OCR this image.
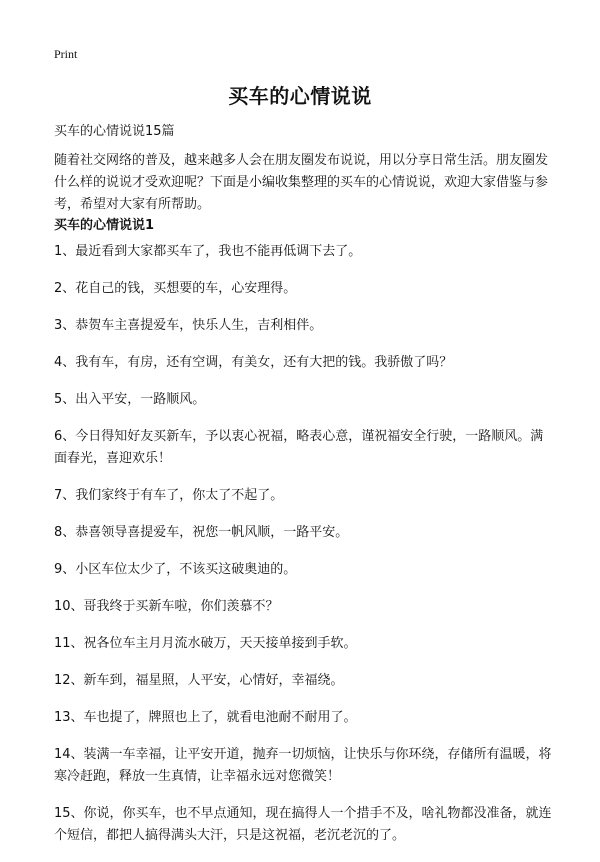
Print
买车的心情说说

买车的心情说说15篇

随着社交网络的普及，越来越多人会在朋友圈发布说说，用以分享日常生活。朋友圈发什么样的说说才受欢迎呢？下面是小编收集整理的买车的心情说说，欢迎大家借鉴与参考，希望对大家有所帮助。

买车的心情说说1
1、最近看到大家都买车了，我也不能再低调下去了。
2、花自己的钱，买想要的车，心安理得。
3、恭贺车主喜提爱车，快乐人生，吉利相伴。
4、我有车，有房，还有空调，有美女，还有大把的钱。我骄傲了吗？
5、出入平安，一路顺风。
6、今日得知好友买新车，予以衷心祝福，略表心意，谨祝福安全行驶，一路顺风。满面春光，喜迎欢乐！
7、我们家终于有车了，你太了不起了。
8、恭喜领导喜提爱车，祝您一帆风顺，一路平安。
9、小区车位太少了，不该买这破奥迪的。
10、哥我终于买新车啦，你们羡慕不？
11、祝各位车主月月流水破万，天天接单接到手软。
12、新车到，福星照，人平安，心情好，幸福绕。
13、车也提了，牌照也上了，就看电池耐不耐用了。
14、装满一车幸福，让平安开道，抛弃一切烦恼，让快乐与你环绕，存储所有温暖，将寒冷赶跑，释放一生真情，让幸福永远对您微笑！
15、你说，你买车，也不早点通知，现在搞得人一个措手不及，啥礼物都没准备，就连个短信，都把人搞得满头大汗，只是这祝福，老沉老沉的了。
